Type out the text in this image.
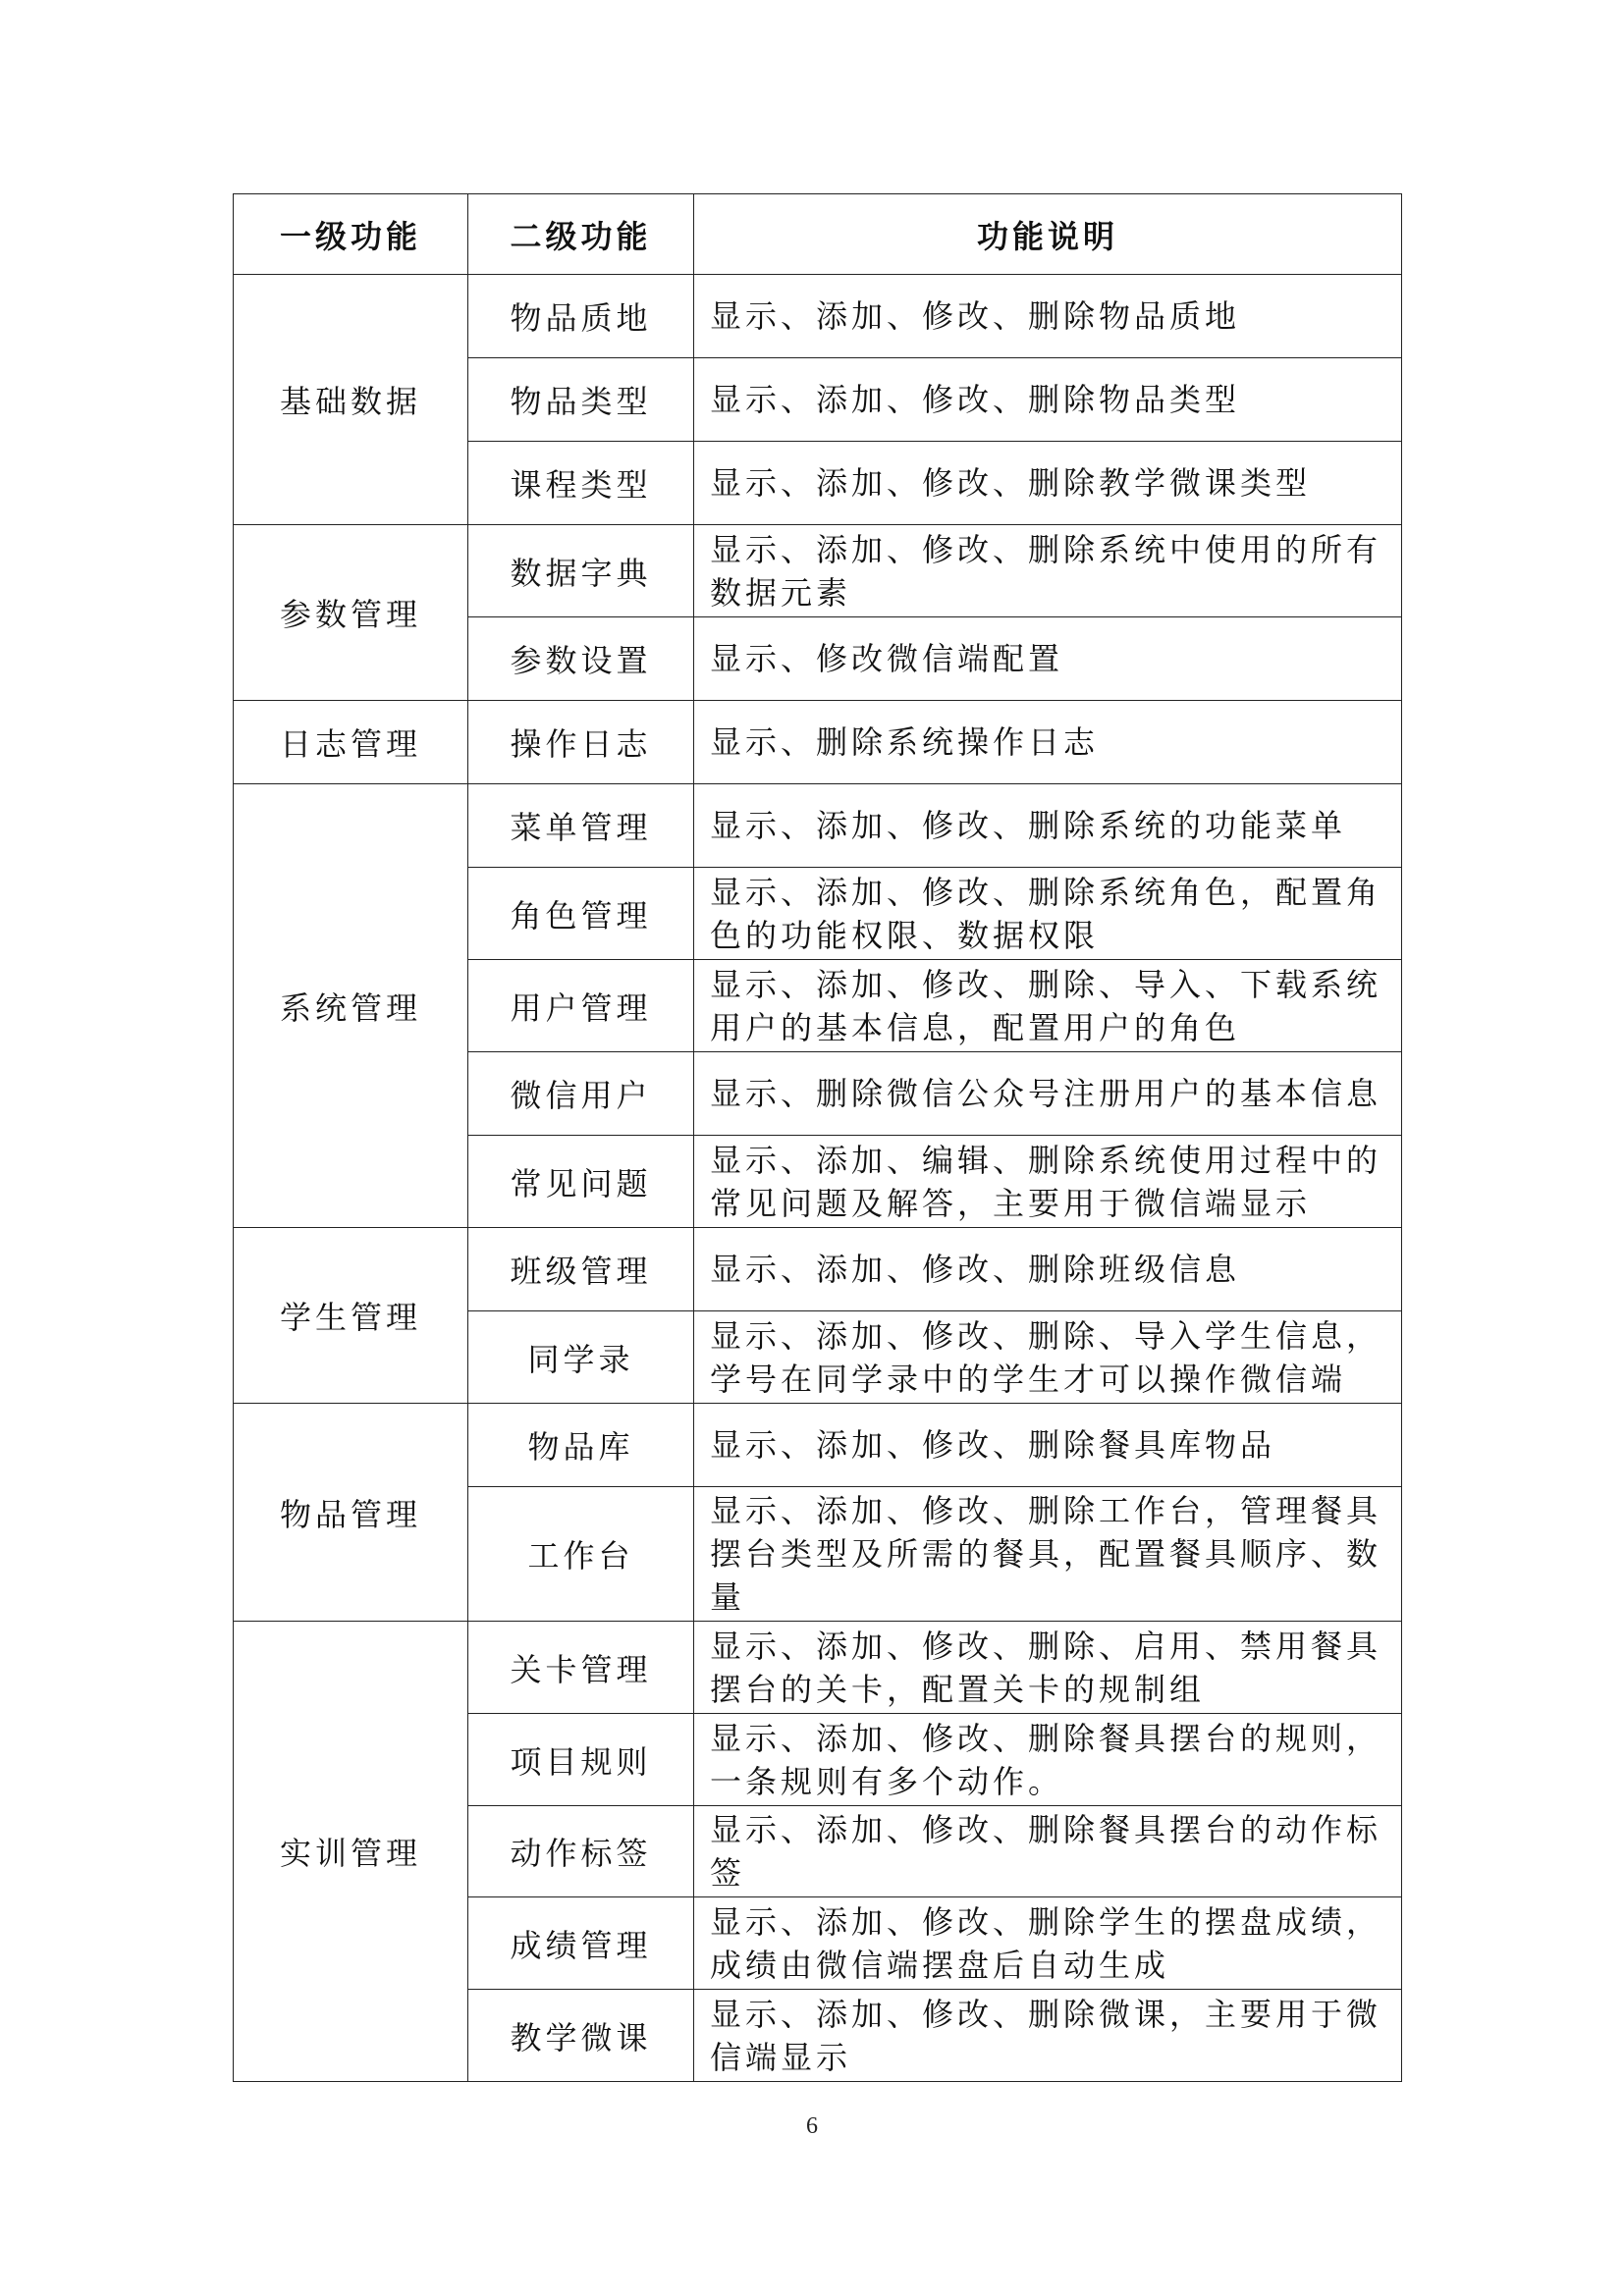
一级功能	二级功能	功能说明
基础数据	物品质地	显示、添加、修改、删除物品质地
	物品类型	显示、添加、修改、删除物品类型
	课程类型	显示、添加、修改、删除教学微课类型
参数管理	数据字典	显示、添加、修改、删除系统中使用的所有数据元素
	参数设置	显示、修改微信端配置
日志管理	操作日志	显示、删除系统操作日志
系统管理	菜单管理	显示、添加、修改、删除系统的功能菜单
	角色管理	显示、添加、修改、删除系统角色，配置角色的功能权限、数据权限
	用户管理	显示、添加、修改、删除、导入、下载系统用户的基本信息，配置用户的角色
	微信用户	显示、删除微信公众号注册用户的基本信息
	常见问题	显示、添加、编辑、删除系统使用过程中的常见问题及解答，主要用于微信端显示
学生管理	班级管理	显示、添加、修改、删除班级信息
	同学录	显示、添加、修改、删除、导入学生信息，学号在同学录中的学生才可以操作微信端
物品管理	物品库	显示、添加、修改、删除餐具库物品
	工作台	显示、添加、修改、删除工作台，管理餐具摆台类型及所需的餐具，配置餐具顺序、数量
实训管理	关卡管理	显示、添加、修改、删除、启用、禁用餐具摆台的关卡，配置关卡的规制组
	项目规则	显示、添加、修改、删除餐具摆台的规则，一条规则有多个动作。
	动作标签	显示、添加、修改、删除餐具摆台的动作标签
	成绩管理	显示、添加、修改、删除学生的摆盘成绩，成绩由微信端摆盘后自动生成
	教学微课	显示、添加、修改、删除微课，主要用于微信端显示
6
